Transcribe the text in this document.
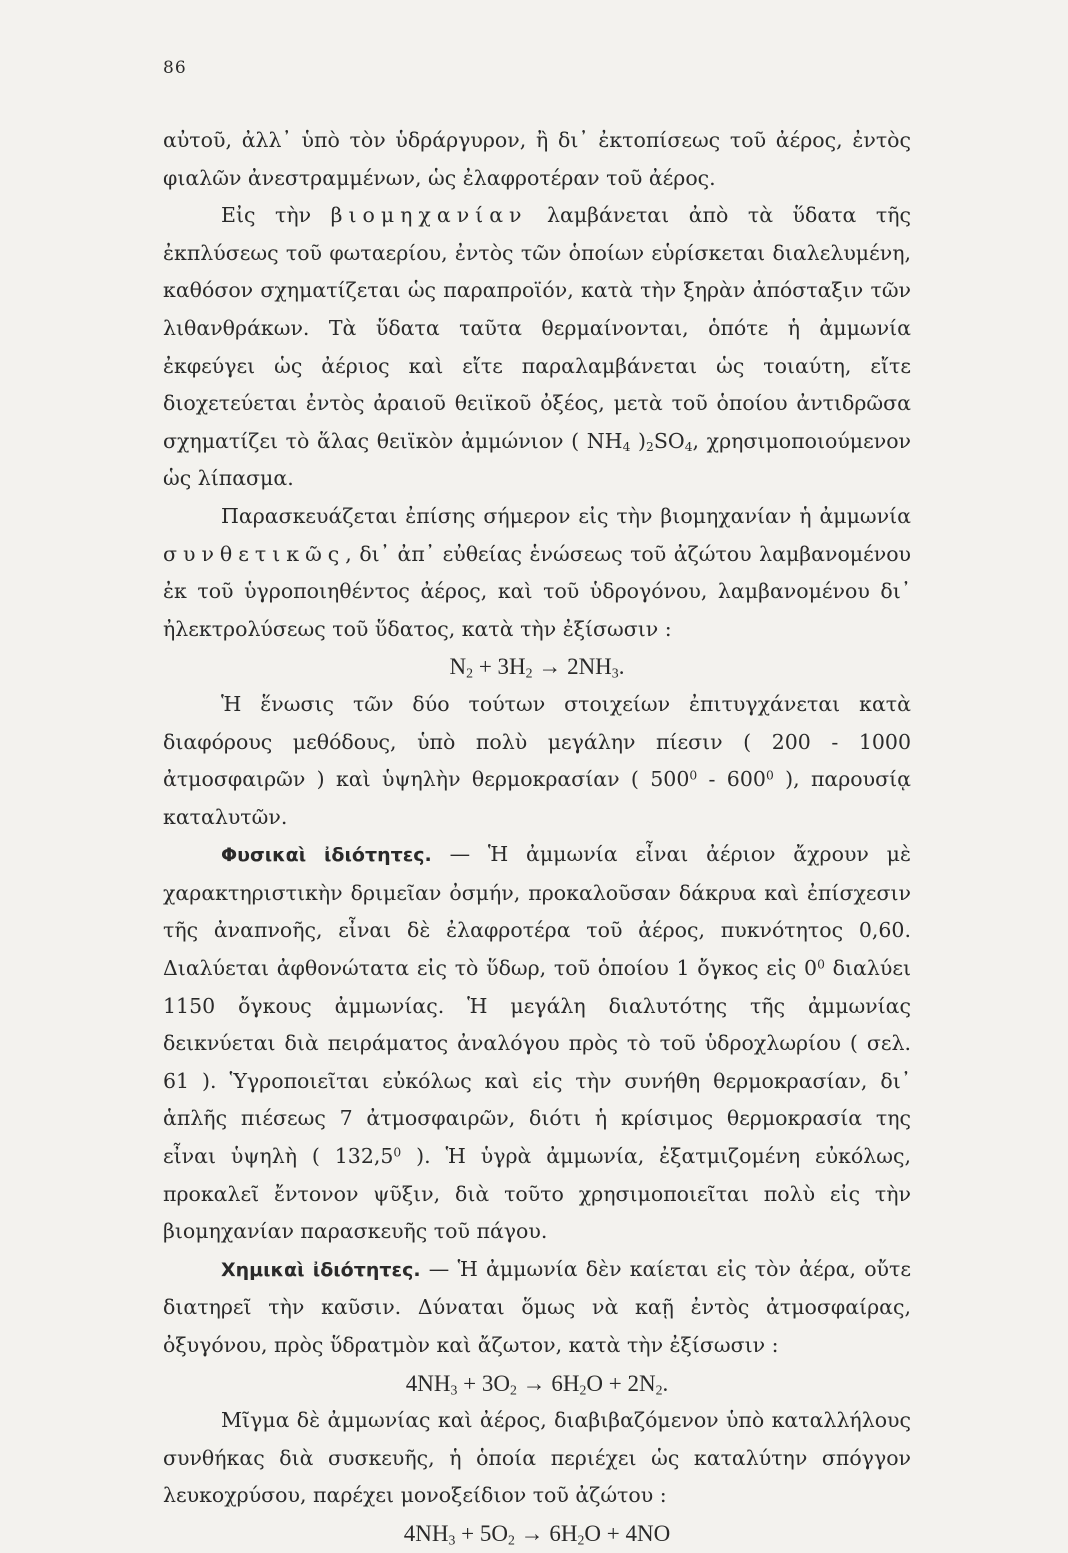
86

αὐτοῦ, ἀλλ᾿ ὑπὸ τὸν ὑδράργυρον, ἢ δι᾿ ἐκτοπίσεως τοῦ ἀέρος, ἐντὸς φιαλῶν ἀνεστραμμένων, ὡς ἐλαφροτέραν τοῦ ἀέρος.

Εἰς τὴν βιομηχανίαν λαμβάνεται ἀπὸ τὰ ὕδατα τῆς ἐκπλύσεως τοῦ φωταερίου, ἐντὸς τῶν ὁποίων εὑρίσκεται διαλελυμένη, καθόσον σχηματίζεται ὡς παραπροϊόν, κατὰ τὴν ξηρὰν ἀπόσταξιν τῶν λιθανθράκων. Τὰ ὕδατα ταῦτα θερμαίνονται, ὁπότε ἡ ἀμμωνία ἐκφεύγει ὡς ἀέριος καὶ εἴτε παραλαμβάνεται ὡς τοιαύτη, εἴτε διοχετεύεται ἐντὸς ἀραιοῦ θειϊκοῦ ὀξέος, μετὰ τοῦ ὁποίου ἀντιδρῶσα σχηματίζει τὸ ἅλας θειϊκὸν ἀμμώνιον ( $NH_4$ )$_2SO_4$, χρησιμοποιούμενον ὡς λίπασμα.

Παρασκευάζεται ἐπίσης σήμερον εἰς τὴν βιομηχανίαν ἡ ἀμμωνία συνθετικῶς, δι᾿ ἀπ᾿ εὐθείας ἑνώσεως τοῦ ἀζώτου λαμβανομένου ἐκ τοῦ ὑγροποιηθέντος ἀέρος, καὶ τοῦ ὑδρογόνου, λαμβανομένου δι᾿ ἠλεκτρολύσεως τοῦ ὕδατος, κατὰ τὴν ἐξίσωσιν :

$N_2 + 3H_2 \to 2NH_3$.

Ἡ ἕνωσις τῶν δύο τούτων στοιχείων ἐπιτυγχάνεται κατὰ διαφόρους μεθόδους, ὑπὸ πολὺ μεγάλην πίεσιν ( 200 - 1000 ἀτμοσφαιρῶν ) καὶ ὑψηλὴν θερμοκρασίαν ( $500^0 - 600^0$ ), παρουσίᾳ καταλυτῶν.

Φυσικαὶ ἰδιότητες. — Ἡ ἀμμωνία εἶναι ἀέριον ἄχρουν μὲ χαρακτηριστικὴν δριμεῖαν ὀσμήν, προκαλοῦσαν δάκρυα καὶ ἐπίσχεσιν τῆς ἀναπνοῆς, εἶναι δὲ ἐλαφροτέρα τοῦ ἀέρος, πυκνότητος 0,60. Διαλύεται ἀφθονώτατα εἰς τὸ ὕδωρ, τοῦ ὁποίου 1 ὄγκος εἰς $0^0$ διαλύει 1150 ὄγκους ἀμμωνίας. Ἡ μεγάλη διαλυτότης τῆς ἀμμωνίας δεικνύεται διὰ πειράματος ἀναλόγου πρὸς τὸ τοῦ ὑδροχλωρίου ( σελ. 61 ). Ὑγροποιεῖται εὐκόλως καὶ εἰς τὴν συνήθη θερμοκρασίαν, δι᾿ ἁπλῆς πιέσεως 7 ἀτμοσφαιρῶν, διότι ἡ κρίσιμος θερμοκρασία της εἶναι ὑψηλὴ ( 132,5$^0$ ). Ἡ ὑγρὰ ἀμμωνία, ἐξατμιζομένη εὐκόλως, προκαλεῖ ἔντονον ψῦξιν, διὰ τοῦτο χρησιμοποιεῖται πολὺ εἰς τὴν βιομηχανίαν παρασκευῆς τοῦ πάγου.

Χημικαὶ ἰδιότητες. — Ἡ ἀμμωνία δὲν καίεται εἰς τὸν ἀέρα, οὔτε διατηρεῖ τὴν καῦσιν. Δύναται ὅμως νὰ καῇ ἐντὸς ἀτμοσφαίρας, ὀξυγόνου, πρὸς ὕδρατμὸν καὶ ἄζωτον, κατὰ τὴν ἐξίσωσιν :

$4NH_3 + 3O_2 \to 6H_2O + 2N_2$.

Μῖγμα δὲ ἀμμωνίας καὶ ἀέρος, διαβιβαζόμενον ὑπὸ καταλλήλους συνθήκας διὰ συσκευῆς, ἡ ὁποία περιέχει ὡς καταλύτην σπόγγον λευκοχρύσου, παρέχει μονοξείδιον τοῦ ἀζώτου :

$4NH_3 + 5O_2 \to 6H_2O + 4NO$
